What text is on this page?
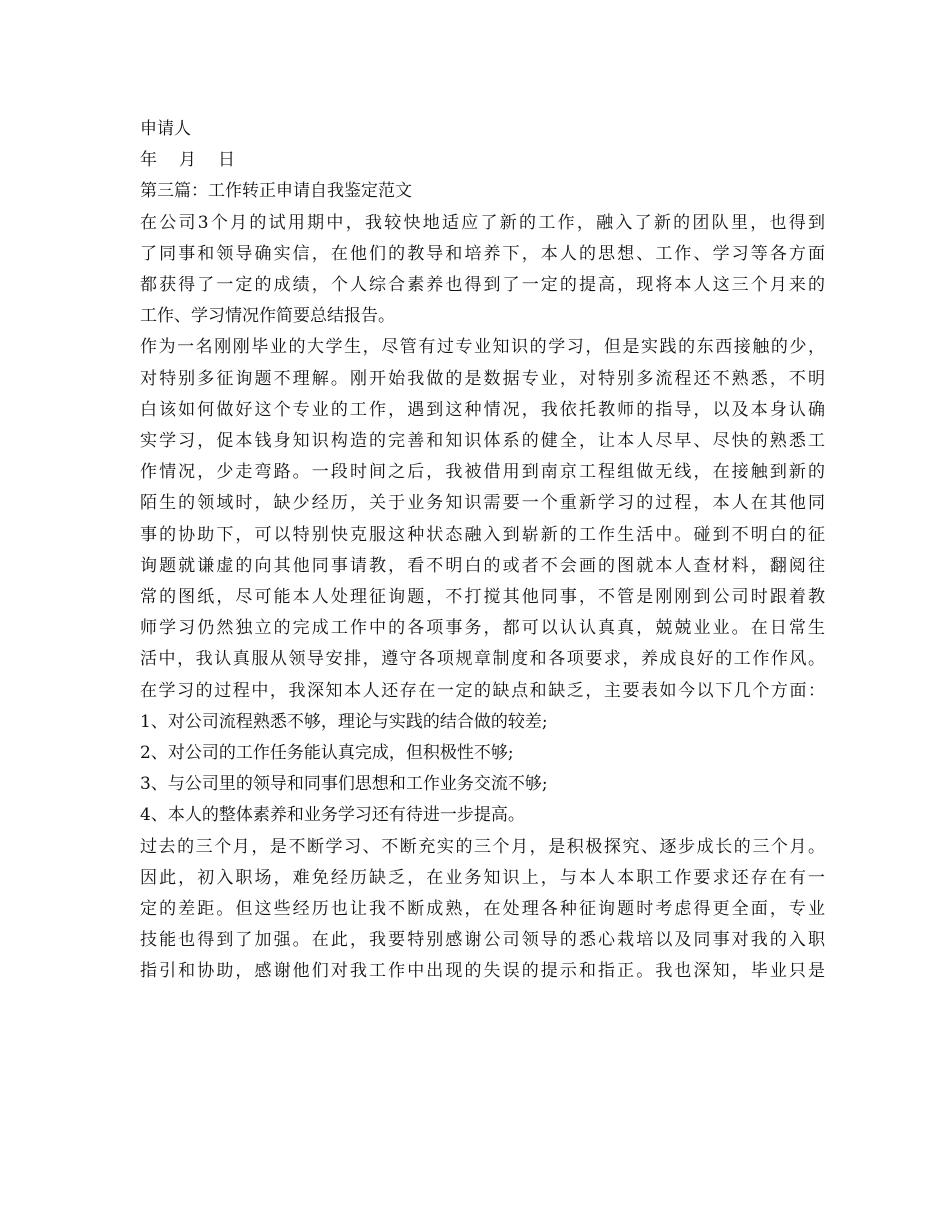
申请人
年 月 日
第三篇：工作转正申请自我鉴定范文
在公司3个月的试用期中，我较快地适应了新的工作，融入了新的团队里，也得到
了同事和领导确实信，在他们的教导和培养下，本人的思想、工作、学习等各方面
都获得了一定的成绩，个人综合素养也得到了一定的提高，现将本人这三个月来的
工作、学习情况作简要总结报告。
作为一名刚刚毕业的大学生，尽管有过专业知识的学习，但是实践的东西接触的少，
对特别多征询题不理解。刚开始我做的是数据专业，对特别多流程还不熟悉，不明
白该如何做好这个专业的工作，遇到这种情况，我依托教师的指导，以及本身认确
实学习，促本钱身知识构造的完善和知识体系的健全，让本人尽早、尽快的熟悉工
作情况，少走弯路。一段时间之后，我被借用到南京工程组做无线，在接触到新的
陌生的领域时，缺少经历，关于业务知识需要一个重新学习的过程，本人在其他同
事的协助下，可以特别快克服这种状态融入到崭新的工作生活中。碰到不明白的征
询题就谦虚的向其他同事请教，看不明白的或者不会画的图就本人查材料，翻阅往
常的图纸，尽可能本人处理征询题，不打搅其他同事，不管是刚刚到公司时跟着教
师学习仍然独立的完成工作中的各项事务，都可以认认真真，兢兢业业。在日常生
活中，我认真服从领导安排，遵守各项规章制度和各项要求，养成良好的工作作风。
在学习的过程中，我深知本人还存在一定的缺点和缺乏，主要表如今以下几个方面：
1、对公司流程熟悉不够，理论与实践的结合做的较差;
2、对公司的工作任务能认真完成，但积极性不够;
3、与公司里的领导和同事们思想和工作业务交流不够;
4、本人的整体素养和业务学习还有待进一步提高。
过去的三个月，是不断学习、不断充实的三个月，是积极探究、逐步成长的三个月。
因此，初入职场，难免经历缺乏，在业务知识上，与本人本职工作要求还存在有一
定的差距。但这些经历也让我不断成熟，在处理各种征询题时考虑得更全面，专业
技能也得到了加强。在此，我要特别感谢公司领导的悉心栽培以及同事对我的入职
指引和协助，感谢他们对我工作中出现的失误的提示和指正。我也深知，毕业只是
